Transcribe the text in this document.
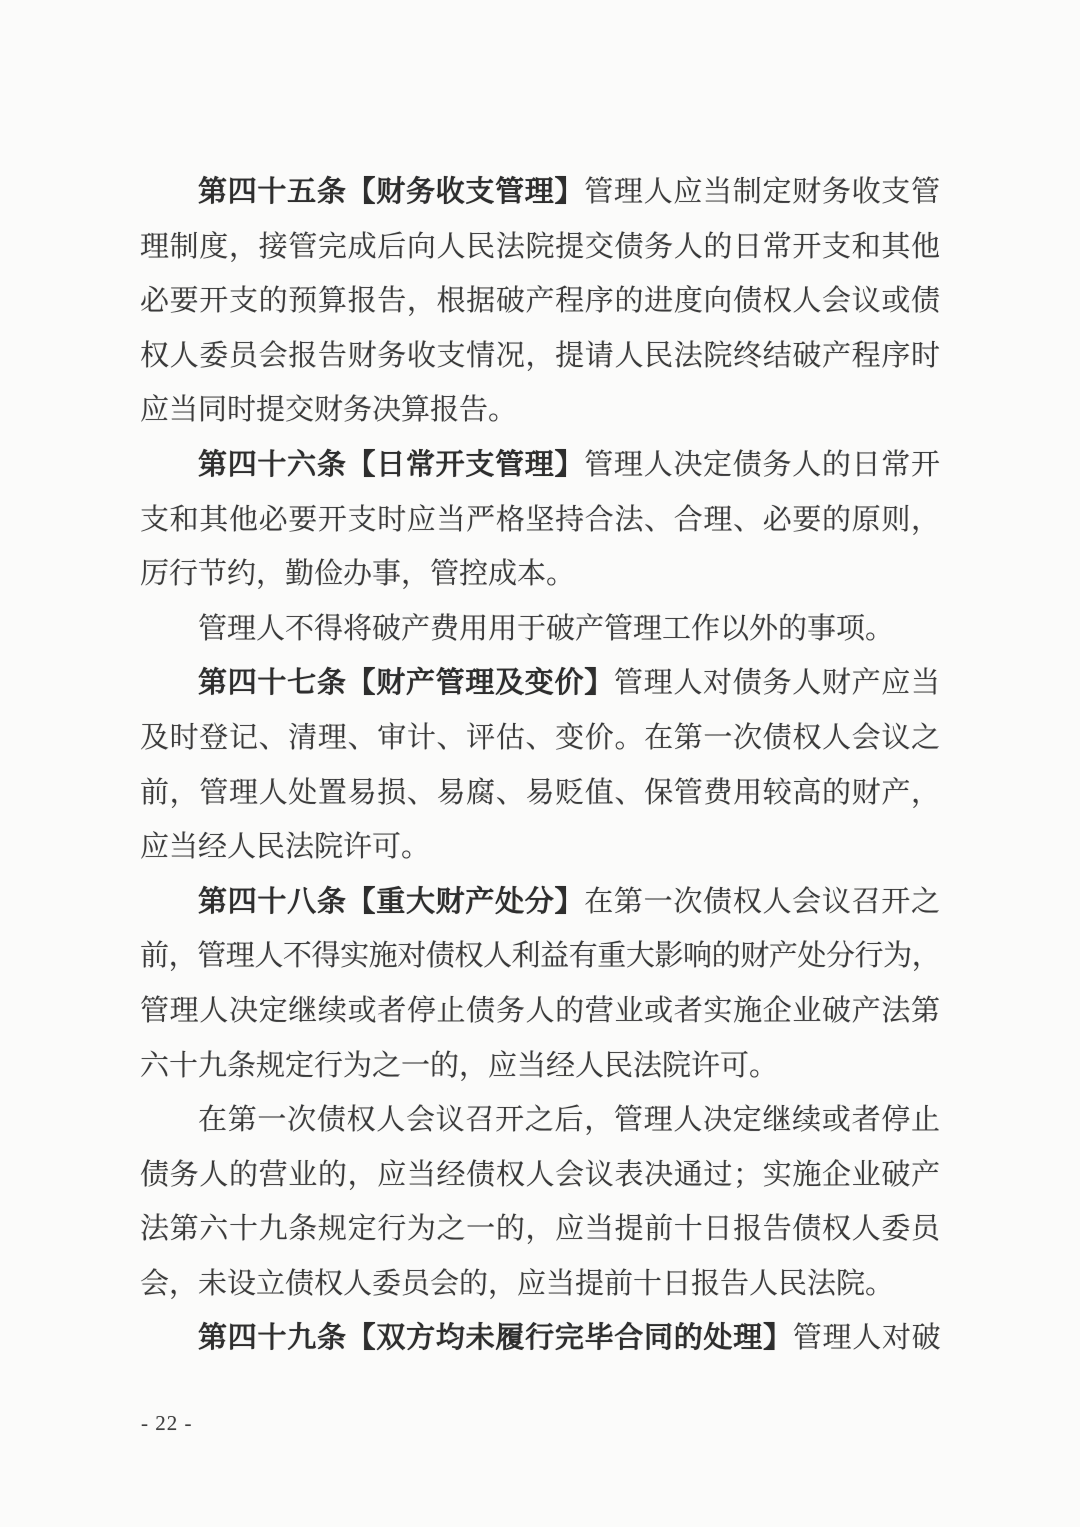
第四十五条【财务收支管理】管理人应当制定财务收支管
理制度，接管完成后向人民法院提交债务人的日常开支和其他
必要开支的预算报告，根据破产程序的进度向债权人会议或债
权人委员会报告财务收支情况，提请人民法院终结破产程序时
应当同时提交财务决算报告。
第四十六条【日常开支管理】管理人决定债务人的日常开
支和其他必要开支时应当严格坚持合法、合理、必要的原则，
厉行节约，勤俭办事，管控成本。
管理人不得将破产费用用于破产管理工作以外的事项。
第四十七条【财产管理及变价】管理人对债务人财产应当
及时登记、清理、审计、评估、变价。在第一次债权人会议之
前，管理人处置易损、易腐、易贬值、保管费用较高的财产，
应当经人民法院许可。
第四十八条【重大财产处分】在第一次债权人会议召开之
前，管理人不得实施对债权人利益有重大影响的财产处分行为，
管理人决定继续或者停止债务人的营业或者实施企业破产法第
六十九条规定行为之一的，应当经人民法院许可。
在第一次债权人会议召开之后，管理人决定继续或者停止
债务人的营业的，应当经债权人会议表决通过；实施企业破产
法第六十九条规定行为之一的，应当提前十日报告债权人委员
会，未设立债权人委员会的，应当提前十日报告人民法院。
第四十九条【双方均未履行完毕合同的处理】管理人对破
- 22 -
